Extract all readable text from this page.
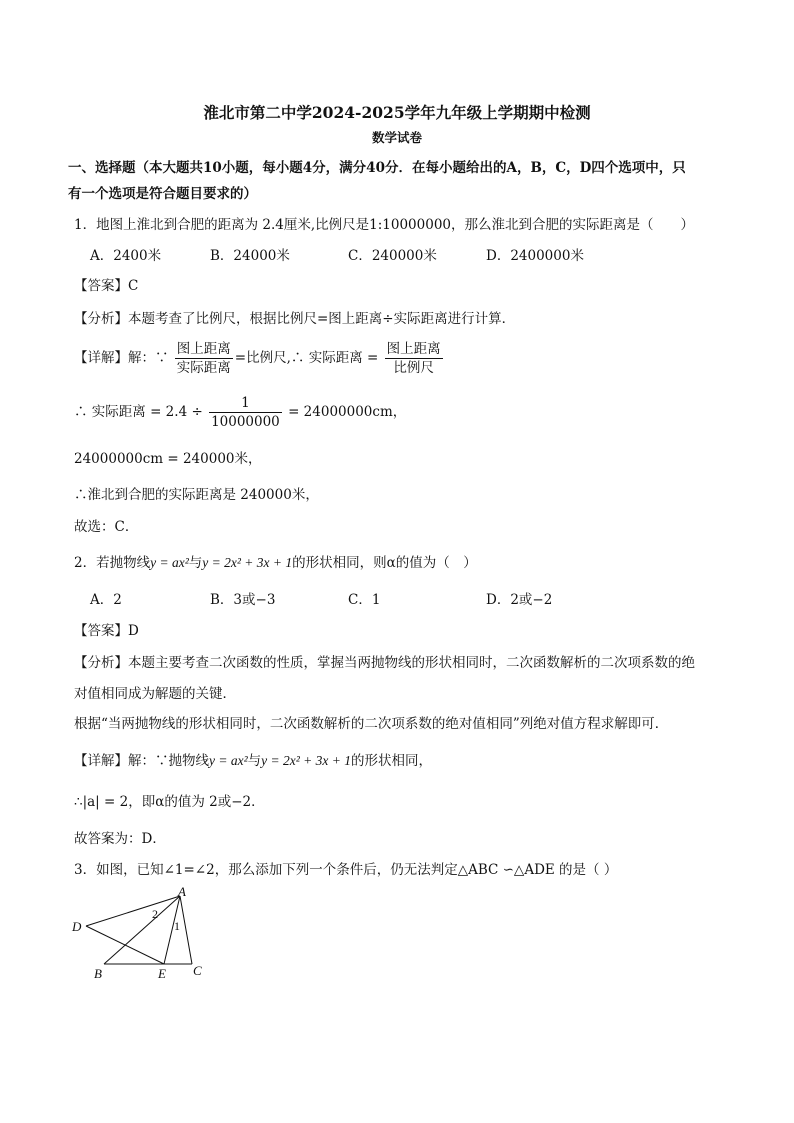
淮北市第二中学2024-2025学年九年级上学期期中检测
数学试卷
一、选择题（本大题共10小题，每小题4分，满分40分．在每小题给出的A，B，C，D四个选项中，只
有一个选项是符合题目要求的）
1．地图上淮北到合肥的距离为 2.4厘米,比例尺是1:10000000，那么淮北到合肥的实际距离是（　　）
A．2400米	B．24000米	C．240000米	D．2400000米
【答案】C
【分析】本题考查了比例尺，根据比例尺=图上距离÷实际距离进行计算．
【详解】解：∵ $\frac{\text{图上距离}}{\text{实际距离}}$ =比例尺,∴ 实际距离 = $\frac{\text{图上距离}}{\text{比例尺}}$
∴ 实际距离 = $2.4 \div \frac{1}{10000000} = 24000000cm$，
24000000cm = 240000米，
∴淮北到合肥的实际距离是 240000米，
故选：C．
2．若抛物线y = ax²与y = 2x² + 3x + 1的形状相同，则α的值为（　）
A．2	B．3或−3	C．1	D．2或−2
【答案】D
【分析】本题主要考查二次函数的性质，掌握当两抛物线的形状相同时，二次函数解析的二次项系数的绝
对值相同成为解题的关键．
根据“当两抛物线的形状相同时，二次函数解析的二次项系数的绝对值相同”列绝对值方程求解即可．
【详解】解：∵抛物线y = ax²与y = 2x² + 3x + 1的形状相同，
∴|a| = 2，即α的值为 2或−2．
故答案为：D．
3．如图，已知∠1=∠2，那么添加下列一个条件后，仍无法判定△ABC ∽△ADE 的是（ ）
A
D
B	E C
1
2
